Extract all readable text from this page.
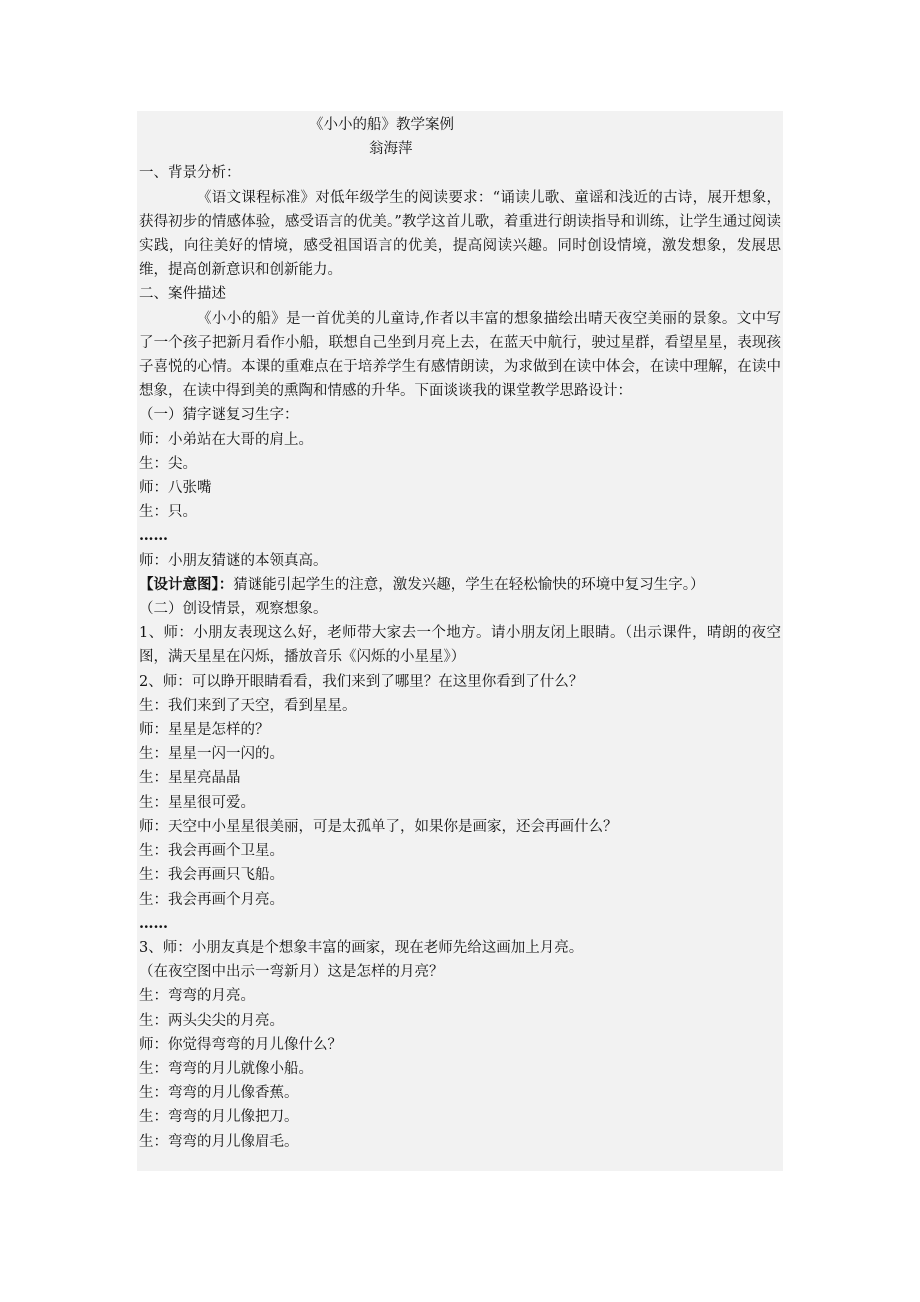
《小小的船》教学案例
翁海萍
一、背景分析：
《语文课程标准》对低年级学生的阅读要求：“诵读儿歌、童谣和浅近的古诗，展开想象，获得初步的情感体验，感受语言的优美。”教学这首儿歌，着重进行朗读指导和训练，让学生通过阅读实践，向往美好的情境，感受祖国语言的优美，提高阅读兴趣。同时创设情境，激发想象，发展思维，提高创新意识和创新能力。
二、案件描述
《小小的船》是一首优美的儿童诗,作者以丰富的想象描绘出晴天夜空美丽的景象。文中写了一个孩子把新月看作小船，联想自己坐到月亮上去，在蓝天中航行，驶过星群，看望星星，表现孩子喜悦的心情。本课的重难点在于培养学生有感情朗读，为求做到在读中体会，在读中理解，在读中想象，在读中得到美的熏陶和情感的升华。下面谈谈我的课堂教学思路设计：
（一）猜字谜复习生字：
师：小弟站在大哥的肩上。
生：尖。
师：八张嘴
生：只。
……
师：小朋友猜谜的本领真高。
【设计意图】：猜谜能引起学生的注意，激发兴趣，学生在轻松愉快的环境中复习生字。）
（二）创设情景，观察想象。
1、师：小朋友表现这么好，老师带大家去一个地方。请小朋友闭上眼睛。（出示课件，晴朗的夜空图，满天星星在闪烁，播放音乐《闪烁的小星星》）
2、师：可以睁开眼睛看看，我们来到了哪里？在这里你看到了什么？
生：我们来到了天空，看到星星。
师：星星是怎样的？
生：星星一闪一闪的。
生：星星亮晶晶
生：星星很可爱。
师：天空中小星星很美丽，可是太孤单了，如果你是画家，还会再画什么？
生：我会再画个卫星。
生：我会再画只飞船。
生：我会再画个月亮。
……
3、师：小朋友真是个想象丰富的画家，现在老师先给这画加上月亮。
（在夜空图中出示一弯新月）这是怎样的月亮？
生：弯弯的月亮。
生：两头尖尖的月亮。
师：你觉得弯弯的月儿像什么？
生：弯弯的月儿就像小船。
生：弯弯的月儿像香蕉。
生：弯弯的月儿像把刀。
生：弯弯的月儿像眉毛。
